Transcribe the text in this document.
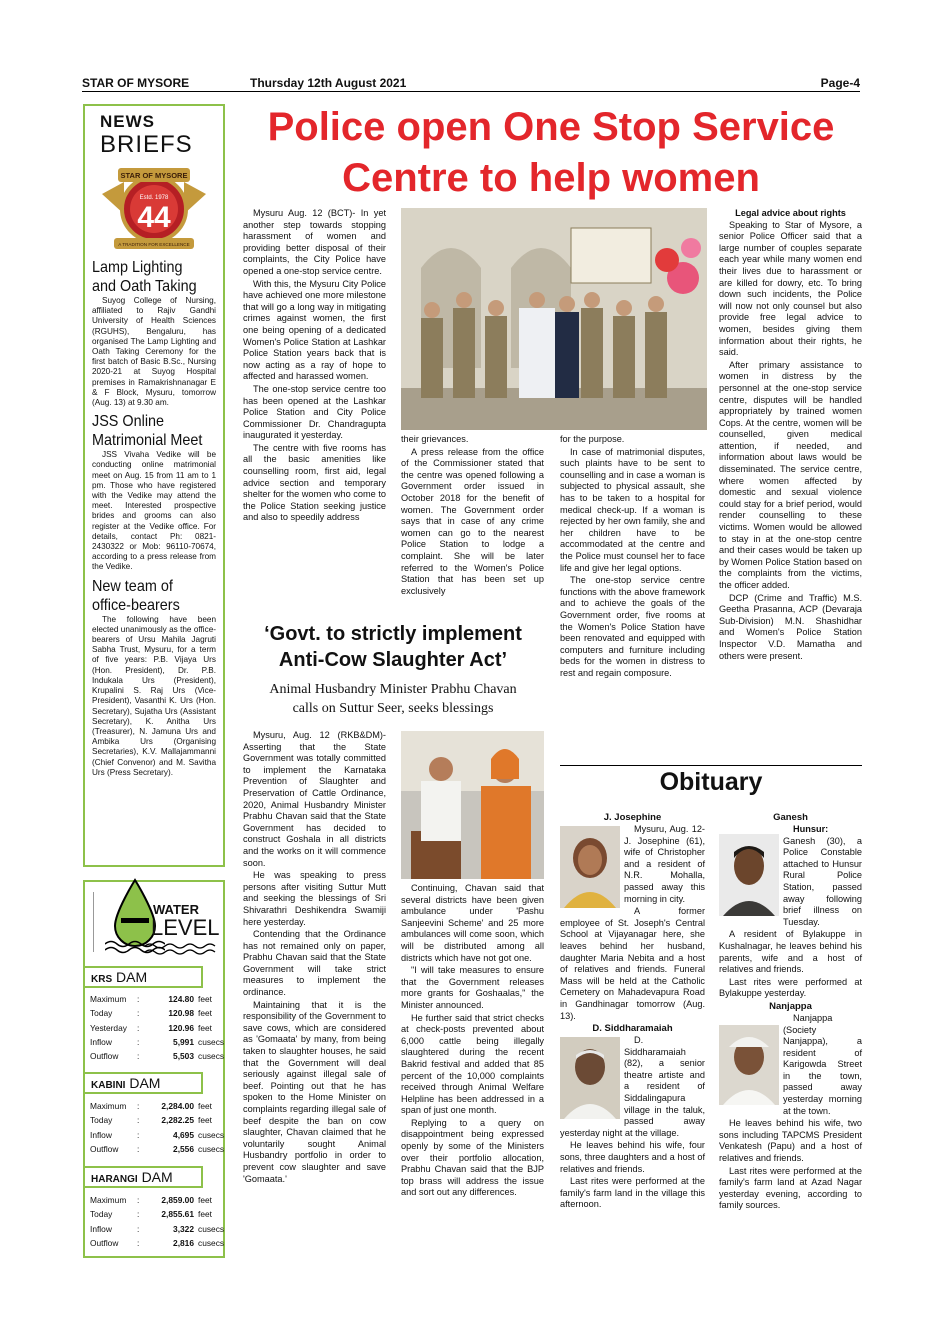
STAR OF MYSORE	Thursday 12th August 2021	Page-4
NEWS
BRIEFS
Estd. 1978
44
STAR OF MYSORE
A TRADITION FOR EXCELLENCE
Lamp Lighting and Oath Taking

Suyog College of Nursing, affiliated to Rajiv Gandhi University of Health Sciences (RGUHS), Bengaluru, has organised The Lamp Lighting and Oath Taking Ceremony for the first batch of Basic B.Sc., Nursing 2020-21 at Suyog Hospital premises in Ramakrishnanagar E & F Block, Mysuru, tomorrow (Aug. 13) at 9.30 am.

JSS Online Matrimonial Meet

JSS Vivaha Vedike will be conducting online matrimonial meet on Aug. 15 from 11 am to 1 pm. Those who have registered with the Vedike may attend the meet. Interested prospective brides and grooms can also register at the Vedike office. For details, contact Ph: 0821-2430322 or Mob: 96110-70674, according to a press release from the Vedike.

New team of office-bearers

The following have been elected unanimously as the office-bearers of Ursu Mahila Jagruti Sabha Trust, Mysuru, for a term of five years: P.B. Vijaya Urs (Hon. President), Dr. P.B. Indukala Urs (President), Krupalini S. Raj Urs (Vice-President), Vasanthi K. Urs (Hon. Secretary), Sujatha Urs (Assistant Secretary), K. Anitha Urs (Treasurer), N. Jamuna Urs and Ambika Urs (Organising Secretaries), K.V. Mallajammanni (Chief Convenor) and M. Savitha Urs (Press Secretary).

WATER
LEVEL
KRS DAM
Maximum	:	124.80 feet
Today	:	120.98 feet
Yesterday	:	120.96 feet
Inflow	:	5,991 cusecs
Outflow	:	5,503 cusecs
KABINI DAM
Maximum	:	2,284.00 feet
Today	:	2,282.25 feet
Inflow	:	4,695 cusecs
Outflow	:	2,556 cusecs
HARANGI DAM
Maximum	:	2,859.00 feet
Today	:	2,855.61 feet
Inflow	:	3,322 cusecs
Outflow	:	2,816 cusecs
Police open One Stop Service
Centre to help women

Mysuru Aug. 12 (BCT)- In yet another step towards stopping harassment of women and providing better disposal of their complaints, the City Police have opened a one-stop service centre.

With this, the Mysuru City Police have achieved one more milestone that will go a long way in mitigating crimes against women, the first one being opening of a dedicated Women's Police Station at Lashkar Police Station years back that is now acting as a ray of hope to affected and harassed women.

The one-stop service centre too has been opened at the Lashkar Police Station and City Police Commissioner Dr. Chandragupta inaugurated it yesterday.

The centre with five rooms has all the basic amenities like counselling room, first aid, legal advice section and temporary shelter for the women who come to the Police Station seeking justice and also to speedily address

their grievances.

A press release from the office of the Commissioner stated that the centre was opened following a Government order issued in October 2018 for the benefit of women. The Government order says that in case of any crime women can go to the nearest Police Station to lodge a complaint. She will be later referred to the Women's Police Station that has been set up exclusively

for the purpose.

In case of matrimonial disputes, such plaints have to be sent to counselling and in case a woman is subjected to physical assault, she has to be taken to a hospital for medical check-up. If a woman is rejected by her own family, she and her children have to be accommodated at the centre and the Police must counsel her to face life and give her legal options.

The one-stop service centre functions with the above framework and to achieve the goals of the Government order, five rooms at the Women's Police Station have been renovated and equipped with computers and furniture including beds for the women in distress to rest and regain composure.

Legal advice about rights

Speaking to Star of Mysore, a senior Police Officer said that a large number of couples separate each year while many women end their lives due to harassment or are killed for dowry, etc. To bring down such incidents, the Police will now not only counsel but also provide free legal advice to women, besides giving them information about their rights, he said.

After primary assistance to women in distress by the personnel at the one-stop service centre, disputes will be handled appropriately by trained women Cops. At the centre, women will be counselled, given medical attention, if needed, and information about laws would be disseminated. The service centre, where women affected by domestic and sexual violence could stay for a brief period, would render counselling to these victims. Women would be allowed to stay in at the one-stop centre and their cases would be taken up by Women Police Station based on the complaints from the victims, the officer added.

DCP (Crime and Traffic) M.S. Geetha Prasanna, ACP (Devaraja Sub-Division) M.N. Shashidhar and Women's Police Station Inspector V.D. Mamatha and others were present.

‘Govt. to strictly implement
Anti-Cow Slaughter Act’
Animal Husbandry Minister Prabhu Chavan
calls on Suttur Seer, seeks blessings

Mysuru, Aug. 12 (RKB&DM)- Asserting that the State Government was totally committed to implement the Karnataka Prevention of Slaughter and Preservation of Cattle Ordinance, 2020, Animal Husbandry Minister Prabhu Chavan said that the State Government has decided to construct Goshala in all districts and the works on it will commence soon.

He was speaking to press persons after visiting Suttur Mutt and seeking the blessings of Sri Shivarathri Deshikendra Swamiji here yesterday.

Contending that the Ordinance has not remained only on paper, Prabhu Chavan said that the State Government will take strict measures to implement the ordinance.

Maintaining that it is the responsibility of the Government to save cows, which are considered as 'Gomaata' by many, from being taken to slaughter houses, he said that the Government will deal seriously against illegal sale of beef. Pointing out that he has spoken to the Home Minister on complaints regarding illegal sale of beef despite the ban on cow slaughter, Chavan claimed that he voluntarily sought Animal Husbandry portfolio in order to prevent cow slaughter and save 'Gomaata.'

Continuing, Chavan said that several districts have been given ambulance under 'Pashu Sanjeevini Scheme' and 25 more ambulances will come soon, which will be distributed among all districts which have not got one.

"I will take measures to ensure that the Government releases more grants for Goshaalas," the Minister announced.

He further said that strict checks at check-posts prevented about 6,000 cattle being illegally slaughtered during the recent Bakrid festival and added that 85 percent of the 10,000 complaints received through Animal Welfare Helpline has been addressed in a span of just one month.

Replying to a query on disappointment being expressed openly by some of the Ministers over their portfolio allocation, Prabhu Chavan said that the BJP top brass will address the issue and sort out any differences.

Obituary
J. Josephine

Mysuru, Aug. 12- J. Josephine (61), wife of Christopher and a resident of N.R. Mohalla, passed away this morning in city.

A former employee of St. Joseph's Central School at Vijayanagar here, she leaves behind her husband, daughter Maria Nebita and a host of relatives and friends. Funeral Mass will be held at the Catholic Cemetery on Mahadevapura Road in Gandhinagar tomorrow (Aug. 13).

D. Siddharamaiah

D. Siddharamaiah (82), a senior theatre artiste and a resident of Siddalingapura village in the taluk, passed away yesterday night at the village.

He leaves behind his wife, four sons, three daughters and a host of relatives and friends.

Last rites were performed at the family's farm land in the village this afternoon.

Ganesh

Hunsur: Ganesh (30), a Police Constable attached to Hunsur Rural Police Station, passed away following brief illness on Tuesday.

A resident of Bylakuppe in Kushalnagar, he leaves behind his parents, wife and a host of relatives and friends.

Last rites were performed at Bylakuppe yesterday.

Nanjappa

Nanjappa (Society Nanjappa), a resident of Karigowda Street in the town, passed away yesterday morning at the town.

He leaves behind his wife, two sons including TAPCMS President Venkatesh (Papu) and a host of relatives and friends.

Last rites were performed at the family's farm land at Azad Nagar yesterday evening, according to family sources.
